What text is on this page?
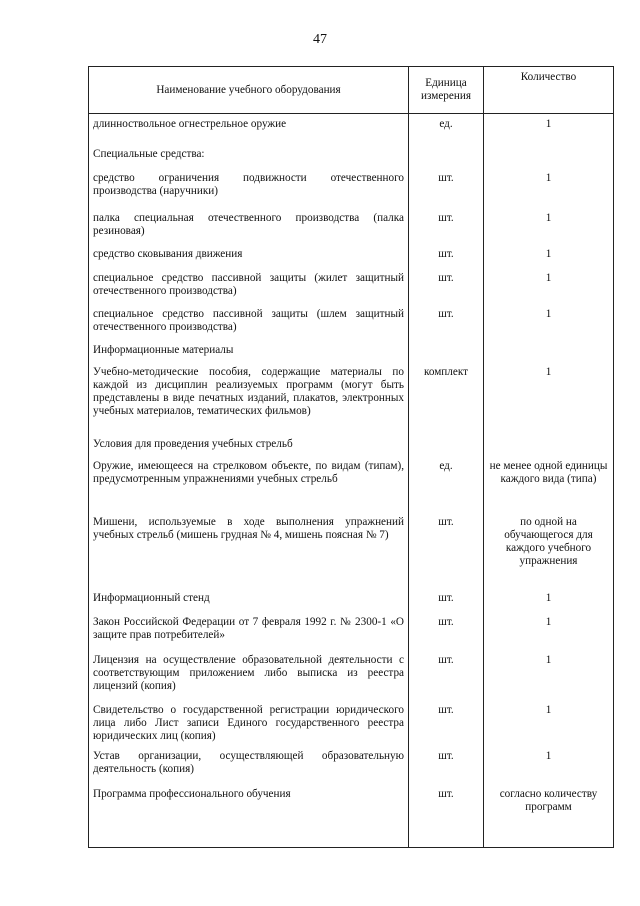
47
Наименование учебного оборудования	Единица измерения	Количество
длинноствольное огнестрельное оружие	ед.	1
Специальные средства:		
средство ограничения подвижности отечественного производства (наручники)	шт.	1
палка специальная отечественного производства (палка резиновая)	шт.	1
средство сковывания движения	шт.	1
специальное средство пассивной защиты (жилет защитный отечественного производства)	шт.	1
специальное средство пассивной защиты (шлем защитный отечественного производства)	шт.	1
Информационные материалы		
Учебно-методические пособия, содержащие материалы по каждой из дисциплин реализуемых программ (могут быть представлены в виде печатных изданий, плакатов, электронных учебных материалов, тематических фильмов)	комплект	1
Условия для проведения учебных стрельб		
Оружие, имеющееся на стрелковом объекте, по видам (типам), предусмотренным упражнениями учебных стрельб	ед.	не менее одной единицы каждого вида (типа)
Мишени, используемые в ходе выполнения упражнений учебных стрельб (мишень грудная № 4, мишень поясная № 7)	шт.	по одной на обучающегося для каждого учебного упражнения
Информационный стенд	шт.	1
Закон Российской Федерации от 7 февраля 1992 г. № 2300-1 «О защите прав потребителей»	шт.	1
Лицензия на осуществление образовательной деятельности с соответствующим приложением либо выписка из реестра лицензий (копия)	шт.	1
Свидетельство о государственной регистрации юридического лица либо Лист записи Единого государственного реестра юридических лиц (копия)	шт.	1
Устав организации, осуществляющей образовательную деятельность (копия)	шт.	1
Программа профессионального обучения	шт.	согласно количеству программ
